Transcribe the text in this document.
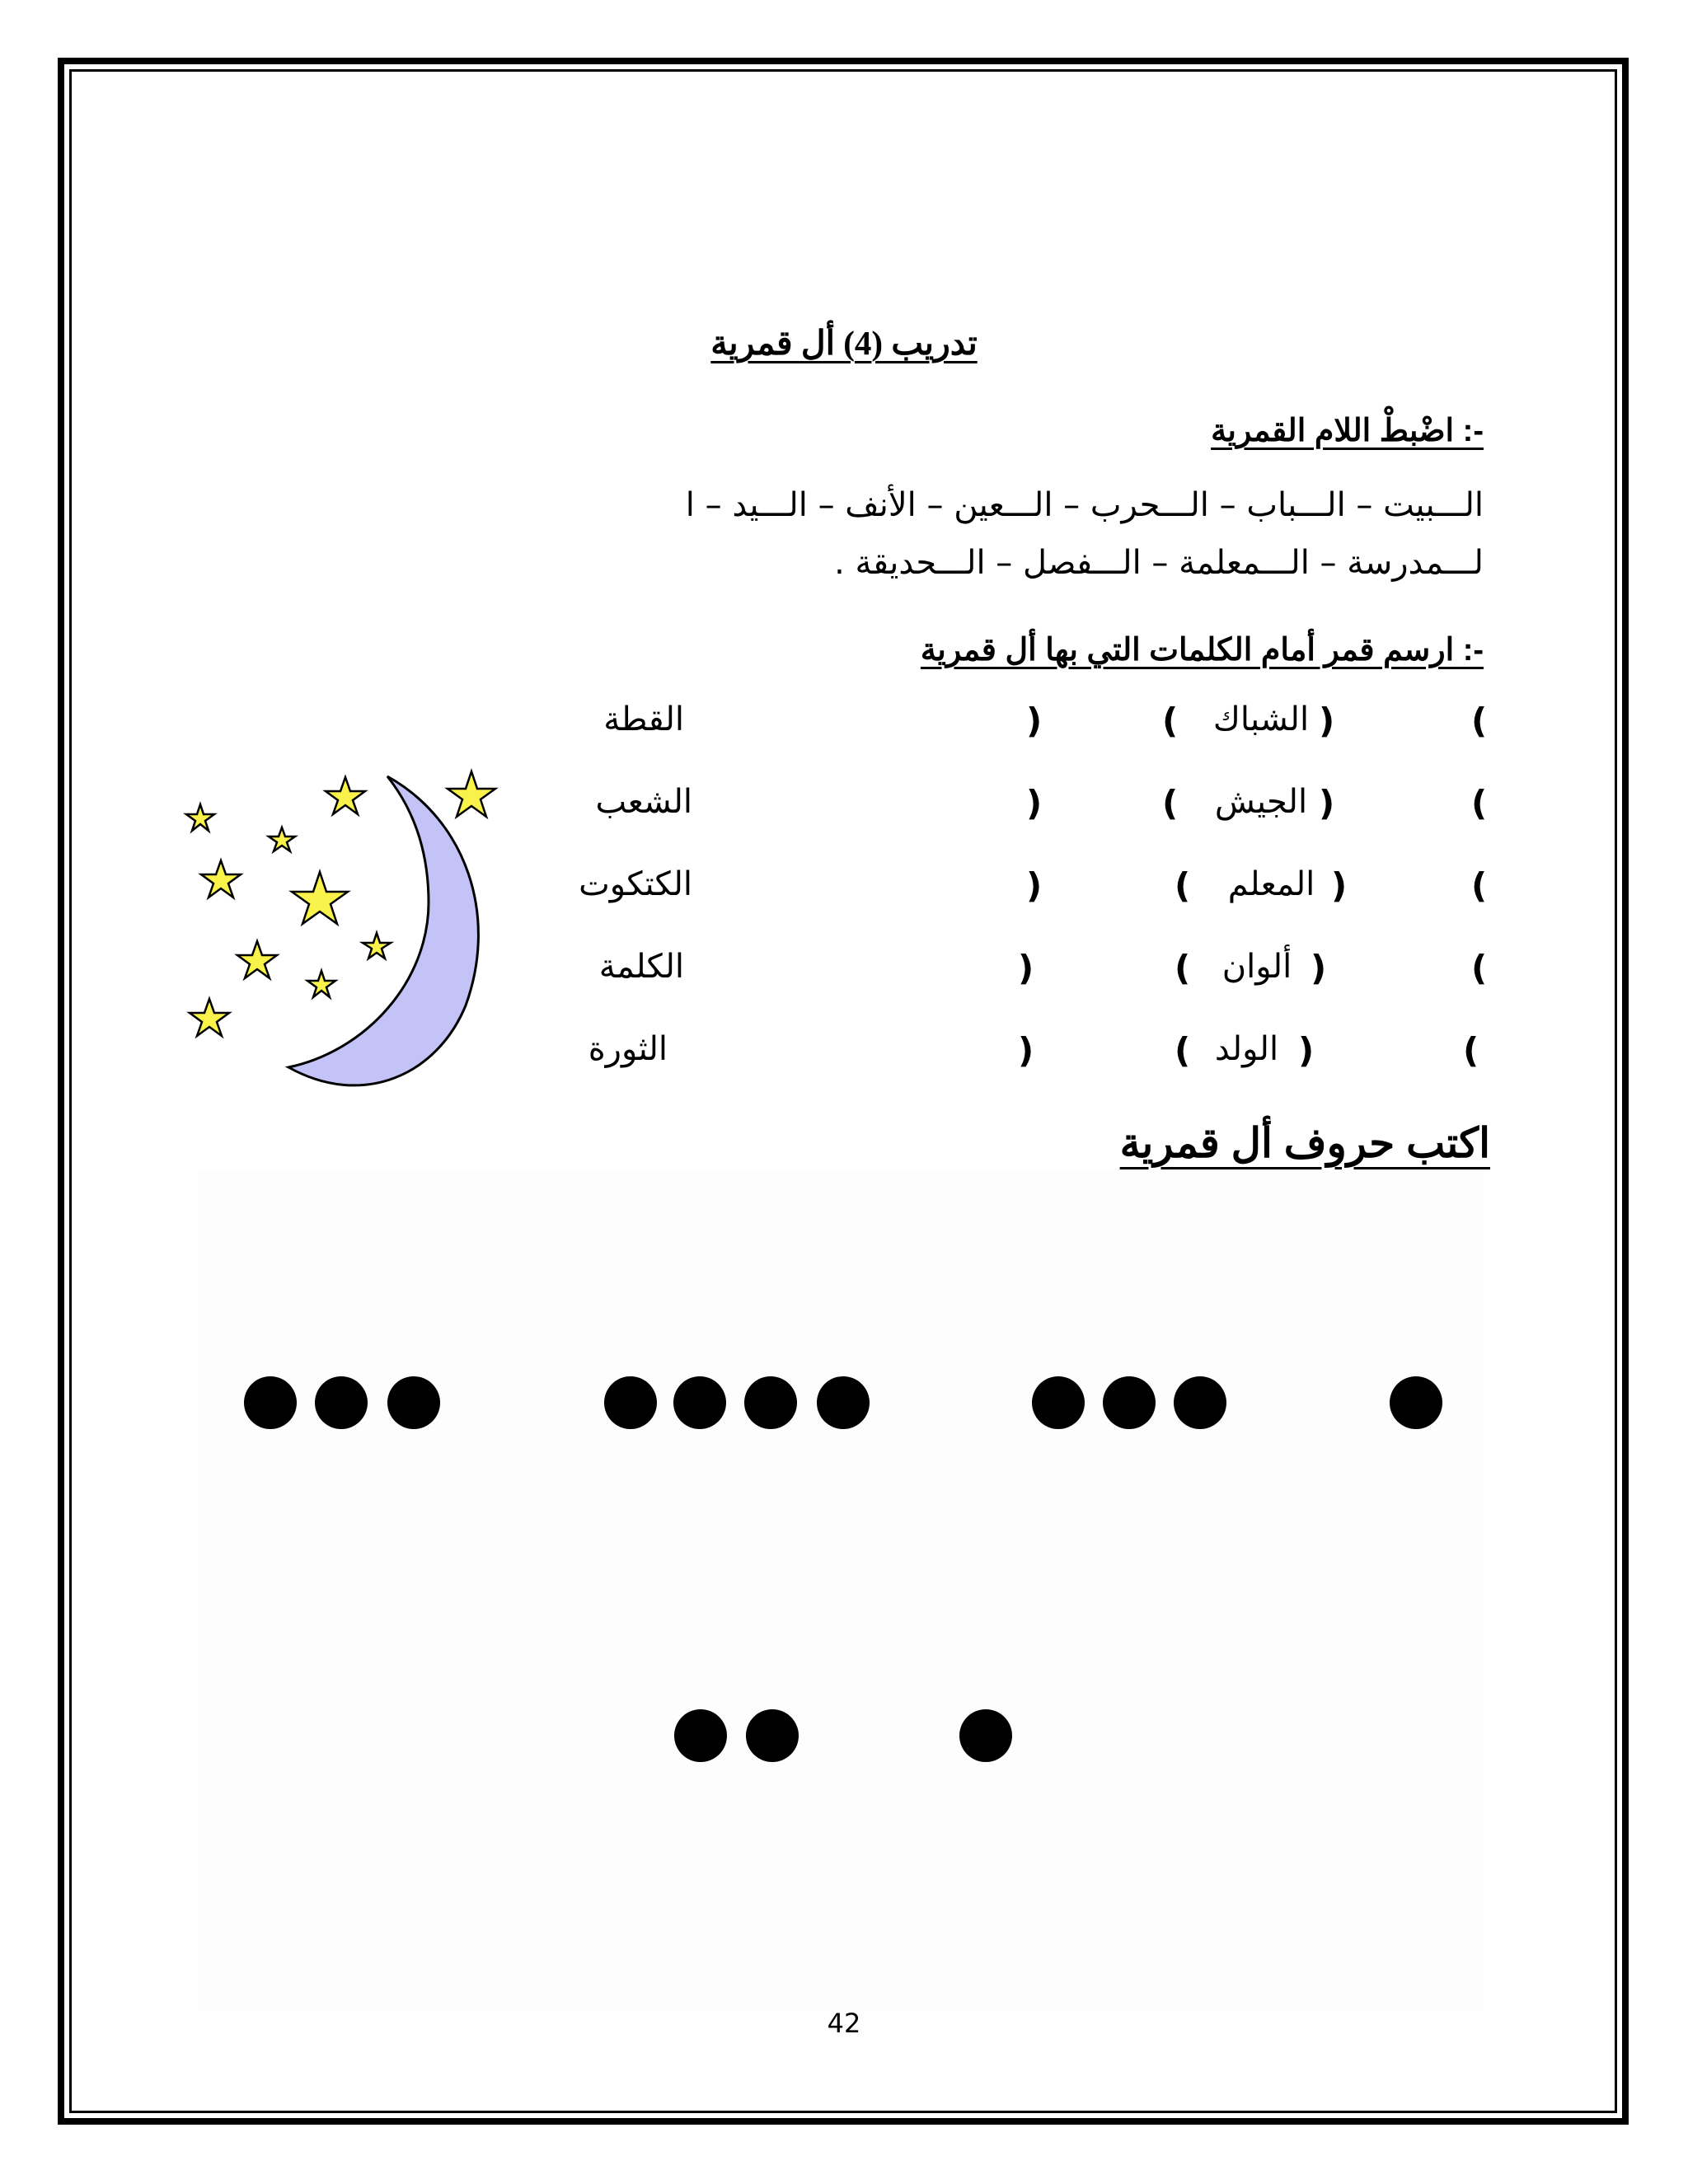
تدريب (4) أل قمرية
-: اضْبطْ اللام القمرية
الـــبيت – الـــباب – الـــحرب – الـــعين – الأنف – الـــيد – ا
لـــمدرسة – الـــمعلمة – الـــفصل – الـــحديقة .
-: ارسم قمر أمام الكلمات التي بها أل قمرية
(
)
الشباك
(
)
القطة
(
)
الجيش
(
)
الشعب
(
)
المعلم
(
)
الكتكوت
(
)
ألوان
(
)
الكلمة
(
)
الولد
(
)
الثورة
اكتب حروف أل قمرية
42
